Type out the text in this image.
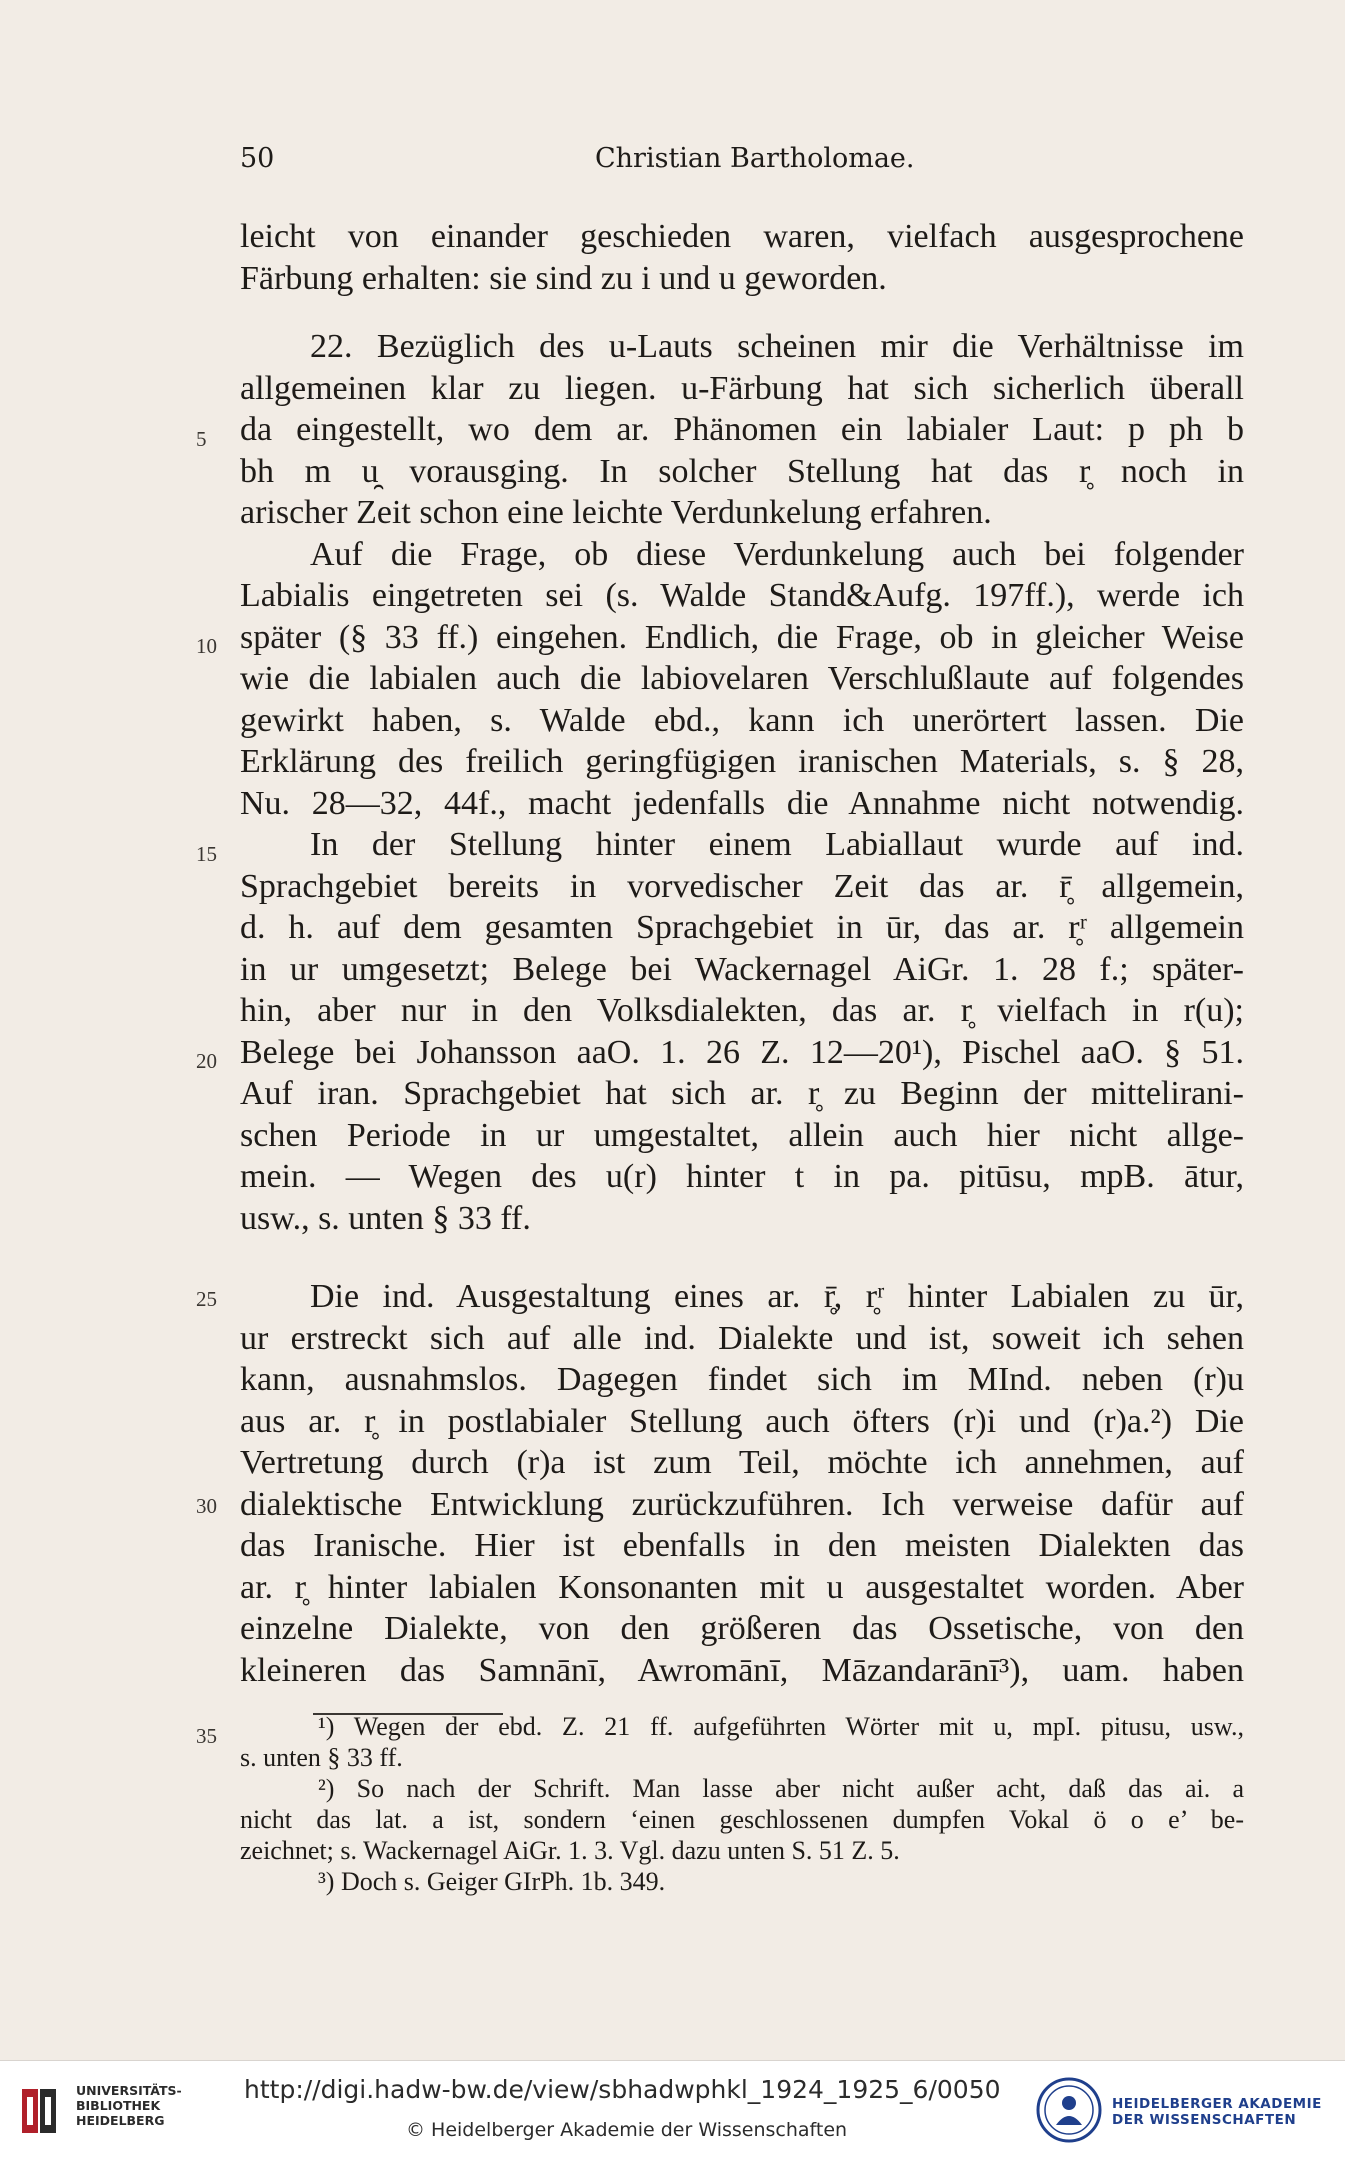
50	Christian Bartholomae.
leicht von einander geschieden waren, vielfach ausgesprochene
Färbung erhalten: sie sind zu i und u geworden.
22. Bezüglich des u-Lauts scheinen mir die Verhältnisse im
allgemeinen klar zu liegen. u-Färbung hat sich sicherlich überall
da eingestellt, wo dem ar. Phänomen ein labialer Laut: p ph b
bh m u̯ vorausging. In solcher Stellung hat das r̥ noch in
arischer Zeit schon eine leichte Verdunkelung erfahren.
Auf die Frage, ob diese Verdunkelung auch bei folgender
Labialis eingetreten sei (s. Walde Stand&Aufg. 197ff.), werde ich
später (§ 33 ff.) eingehen. Endlich, die Frage, ob in gleicher Weise
wie die labialen auch die labiovelaren Verschlußlaute auf folgendes
gewirkt haben, s. Walde ebd., kann ich unerörtert lassen. Die
Erklärung des freilich geringfügigen iranischen Materials, s. § 28,
Nu. 28—32, 44f., macht jedenfalls die Annahme nicht notwendig.
In der Stellung hinter einem Labiallaut wurde auf ind.
Sprachgebiet bereits in vorvedischer Zeit das ar. r̥̄ allgemein,
d. h. auf dem gesamten Sprachgebiet in ūr, das ar. r̥ʳ allgemein
in ur umgesetzt; Belege bei Wackernagel AiGr. 1. 28 f.; später-
hin, aber nur in den Volksdialekten, das ar. r̥ vielfach in r(u);
Belege bei Johansson aaO. 1. 26 Z. 12—20¹), Pischel aaO. § 51.
Auf iran. Sprachgebiet hat sich ar. r̥ zu Beginn der mittelirani-
schen Periode in ur umgestaltet, allein auch hier nicht allge-
mein. — Wegen des u(r) hinter t in pa. pitūsu, mpB. ātur,
usw., s. unten § 33 ff.
Die ind. Ausgestaltung eines ar. r̥̄, r̥ʳ hinter Labialen zu ūr,
ur erstreckt sich auf alle ind. Dialekte und ist, soweit ich sehen
kann, ausnahmslos. Dagegen findet sich im MInd. neben (r)u
aus ar. r̥ in postlabialer Stellung auch öfters (r)i und (r)a.²) Die
Vertretung durch (r)a ist zum Teil, möchte ich annehmen, auf
dialektische Entwicklung zurückzuführen. Ich verweise dafür auf
das Iranische. Hier ist ebenfalls in den meisten Dialekten das
ar. r̥ hinter labialen Konsonanten mit u ausgestaltet worden. Aber
einzelne Dialekte, von den größeren das Ossetische, von den
kleineren das Samnānī, Awromānī, Māzandarānī³), uam. haben
5
10
15
20
25
30
35	¹) Wegen der ebd. Z. 21 ff. aufgeführten Wörter mit u, mpI. pitusu, usw.,
s. unten § 33 ff.
²) So nach der Schrift. Man lasse aber nicht außer acht, daß das ai. a
nicht das lat. a ist, sondern ‘einen geschlossenen dumpfen Vokal ö o e’ be-
zeichnet; s. Wackernagel AiGr. 1. 3. Vgl. dazu unten S. 51 Z. 5.
³) Doch s. Geiger GIrPh. 1b. 349.
UNIVERSITÄTS-
BIBLIOTHEK
HEIDELBERG
http://digi.hadw-bw.de/view/sbhadwphkl_1924_1925_6/0050
© Heidelberger Akademie der Wissenschaften
HEIDELBERGER AKADEMIE
DER WISSENSCHAFTEN
